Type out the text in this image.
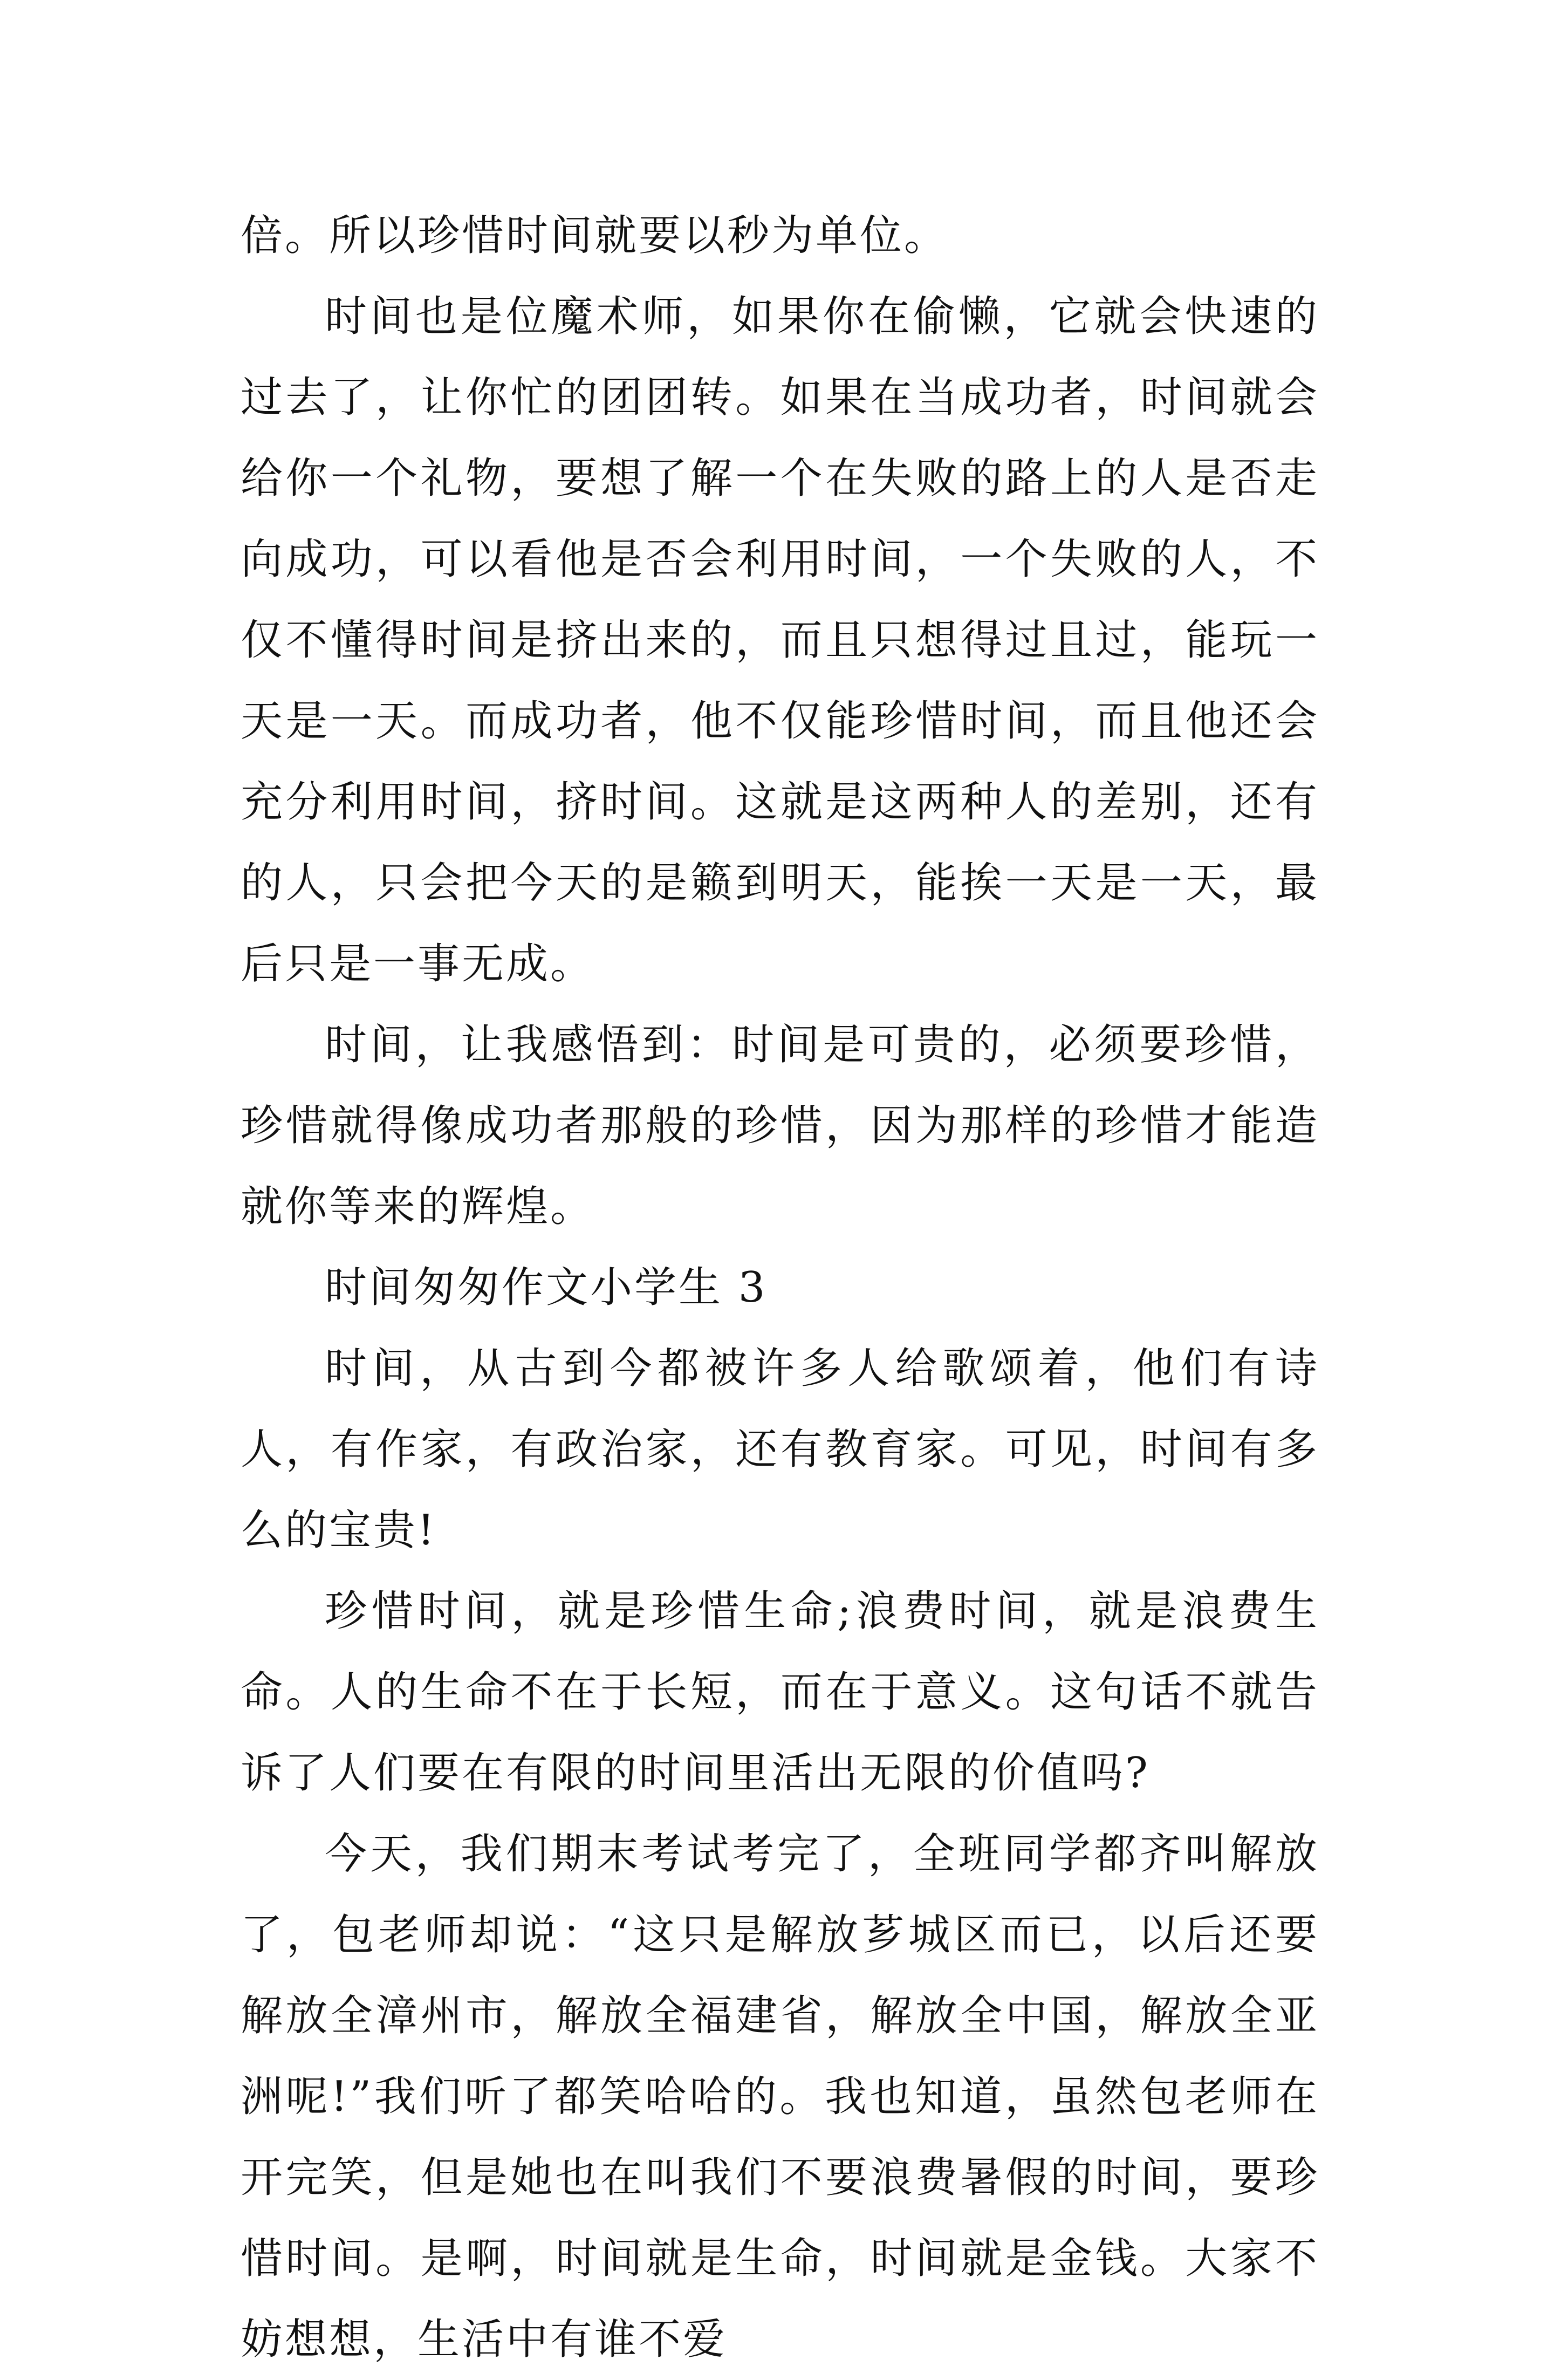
倍。所以珍惜时间就要以秒为单位。

时间也是位魔术师，如果你在偷懒，它就会快速的过去了，让你忙的团团转。如果在当成功者，时间就会给你一个礼物，要想了解一个在失败的路上的人是否走向成功，可以看他是否会利用时间，一个失败的人，不仅不懂得时间是挤出来的，而且只想得过且过，能玩一天是一天。而成功者，他不仅能珍惜时间，而且他还会充分利用时间，挤时间。这就是这两种人的差别，还有的人，只会把今天的是籁到明天，能挨一天是一天，最后只是一事无成。

时间，让我感悟到：时间是可贵的，必须要珍惜，珍惜就得像成功者那般的珍惜，因为那样的珍惜才能造就你等来的辉煌。

时间匆匆作文小学生 3

时间，从古到今都被许多人给歌颂着，他们有诗人，有作家，有政治家，还有教育家。可见，时间有多么的宝贵!

珍惜时间，就是珍惜生命;浪费时间，就是浪费生命。人的生命不在于长短，而在于意义。这句话不就告诉了人们要在有限的时间里活出无限的价值吗?

今天，我们期末考试考完了，全班同学都齐叫解放了，包老师却说：“这只是解放芗城区而已，以后还要解放全漳州市，解放全福建省，解放全中国，解放全亚洲呢!”我们听了都笑哈哈的。我也知道，虽然包老师在开完笑，但是她也在叫我们不要浪费暑假的时间，要珍惜时间。是啊，时间就是生命，时间就是金钱。大家不妨想想，生活中有谁不爱
